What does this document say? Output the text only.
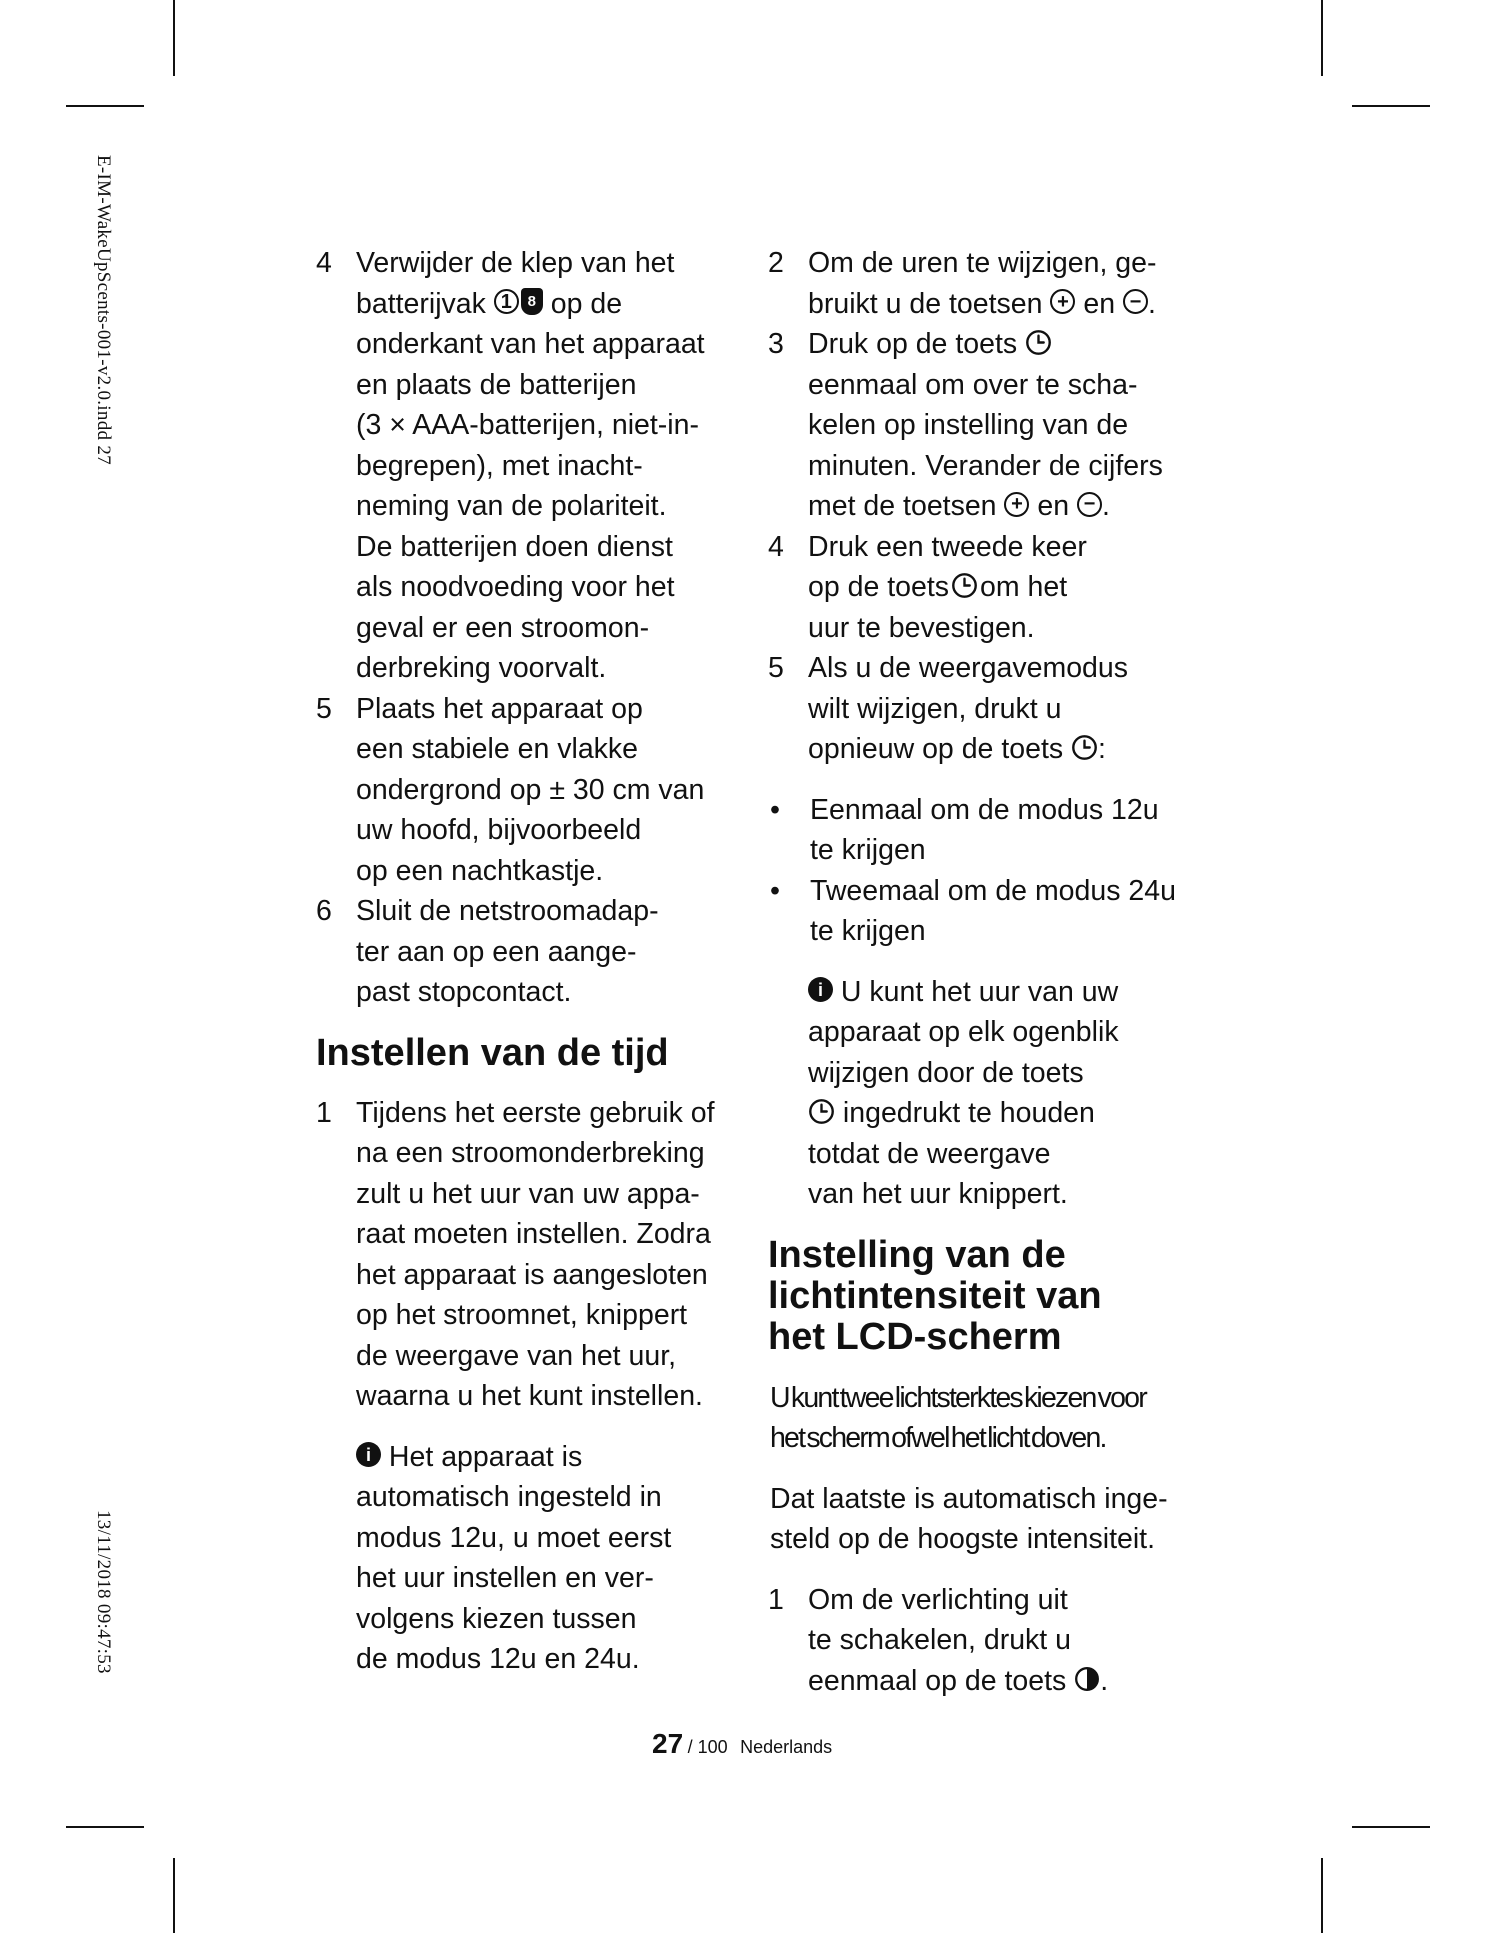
E-IM-WakeUpScents-001-v2.0.indd 27
13/11/2018 09:47:53
4 Verwijder de klep van het
batterijvak 1 8 op de
onderkant van het apparaat
en plaats de batterijen
(3 × AAA-batterijen, niet-in-
begrepen), met inacht-
neming van de polariteit.
De batterijen doen dienst
als noodvoeding voor het
geval er een stroomon-
derbreking voorvalt.
5 Plaats het apparaat op
een stabiele en vlakke
ondergrond op ± 30 cm van
uw hoofd, bijvoorbeeld
op een nachtkastje.
6 Sluit de netstroomadap-
ter aan op een aange-
past stopcontact.
Instellen van de tijd
1 Tijdens het eerste gebruik of
na een stroomonderbreking
zult u het uur van uw appa-
raat moeten instellen. Zodra
het apparaat is aangesloten
op het stroomnet, knippert
de weergave van het uur,
waarna u het kunt instellen.
i Het apparaat is
automatisch ingesteld in
modus 12u, u moet eerst
het uur instellen en ver-
volgens kiezen tussen
de modus 12u en 24u.
2 Om de uren te wijzigen, ge-
bruikt u de toetsen + en − .
3 Druk op de toets
eenmaal om over te scha-
kelen op instelling van de
minuten. Verander de cijfers
met de toetsen + en − .
4 Druk een tweede keer
op de toets om het
uur te bevestigen.
5 Als u de weergavemodus
wilt wijzigen, drukt u
opnieuw op de toets :
• Eenmaal om de modus 12u
te krijgen
• Tweemaal om de modus 24u
te krijgen
i U kunt het uur van uw
apparaat op elk ogenblik
wijzigen door de toets
ingedrukt te houden
totdat de weergave
van het uur knippert.
Instelling van de
lichtintensiteit van
het LCD-scherm
U kunt twee lichtsterktes kiezen voor
het scherm ofwel het licht doven.
Dat laatste is automatisch inge-
steld op de hoogste intensiteit.
1 Om de verlichting uit
te schakelen, drukt u
eenmaal op de toets .
27 / 100 Nederlands
